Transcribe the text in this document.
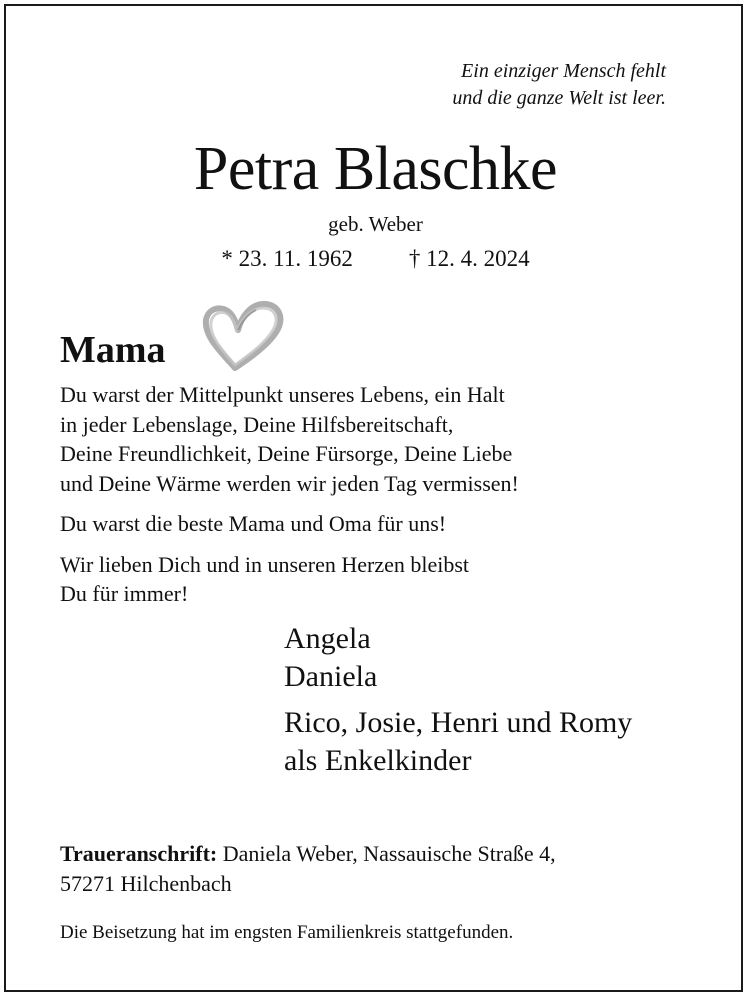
Ein einziger Mensch fehlt
und die ganze Welt ist leer.
Petra Blaschke
geb. Weber
* 23. 11. 1962 † 12. 4. 2024
Mama

Du warst der Mittelpunkt unseres Lebens, ein Halt
in jeder Lebenslage, Deine Hilfsbereitschaft,
Deine Freundlichkeit, Deine Fürsorge, Deine Liebe
und Deine Wärme werden wir jeden Tag vermissen!

Du warst die beste Mama und Oma für uns!

Wir lieben Dich und in unseren Herzen bleibst
Du für immer!

Angela
Daniela
Rico, Josie, Henri und Romy
als Enkelkinder
Traueranschrift: Daniela Weber, Nassauische Straße 4,
57271 Hilchenbach
Die Beisetzung hat im engsten Familienkreis stattgefunden.
